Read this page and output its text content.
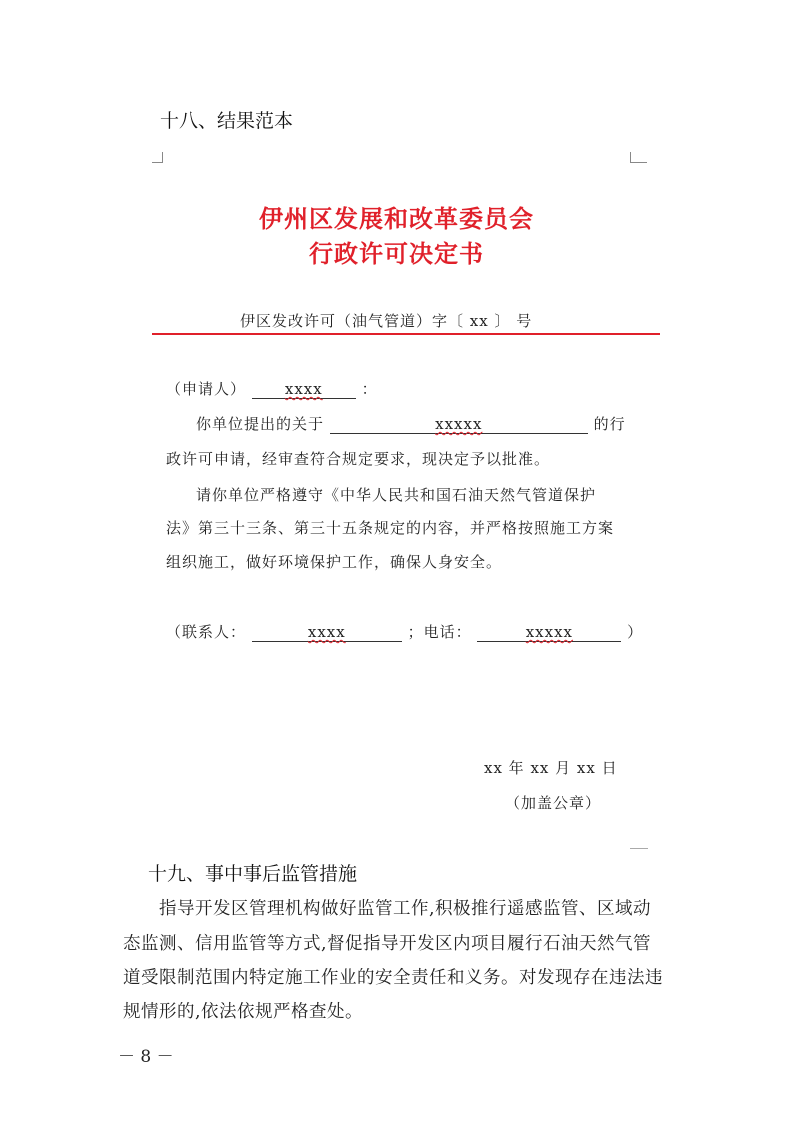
十八、结果范本
伊州区发展和改革委员会
行政许可决定书
伊区发改许可（油气管道）字〔 xx 〕 号
（申请人）	xxxx	：
你单位提出的关于	xxxxx	的行
政许可申请，经审查符合规定要求，现决定予以批准。
请你单位严格遵守《中华人民共和国石油天然气管道保护
法》第三十三条、第三十五条规定的内容，并严格按照施工方案
组织施工，做好环境保护工作，确保人身安全。
（联系人：	xxxx	；电话：	xxxxx	）
xx 年 xx 月 xx 日
（加盖公章）
十九、事中事后监管措施
指导开发区管理机构做好监管工作,积极推行遥感监管、区域动
态监测、信用监管等方式,督促指导开发区内项目履行石油天然气管
道受限制范围内特定施工作业的安全责任和义务。对发现存在违法违
规情形的,依法依规严格查处。
－ 8 －
